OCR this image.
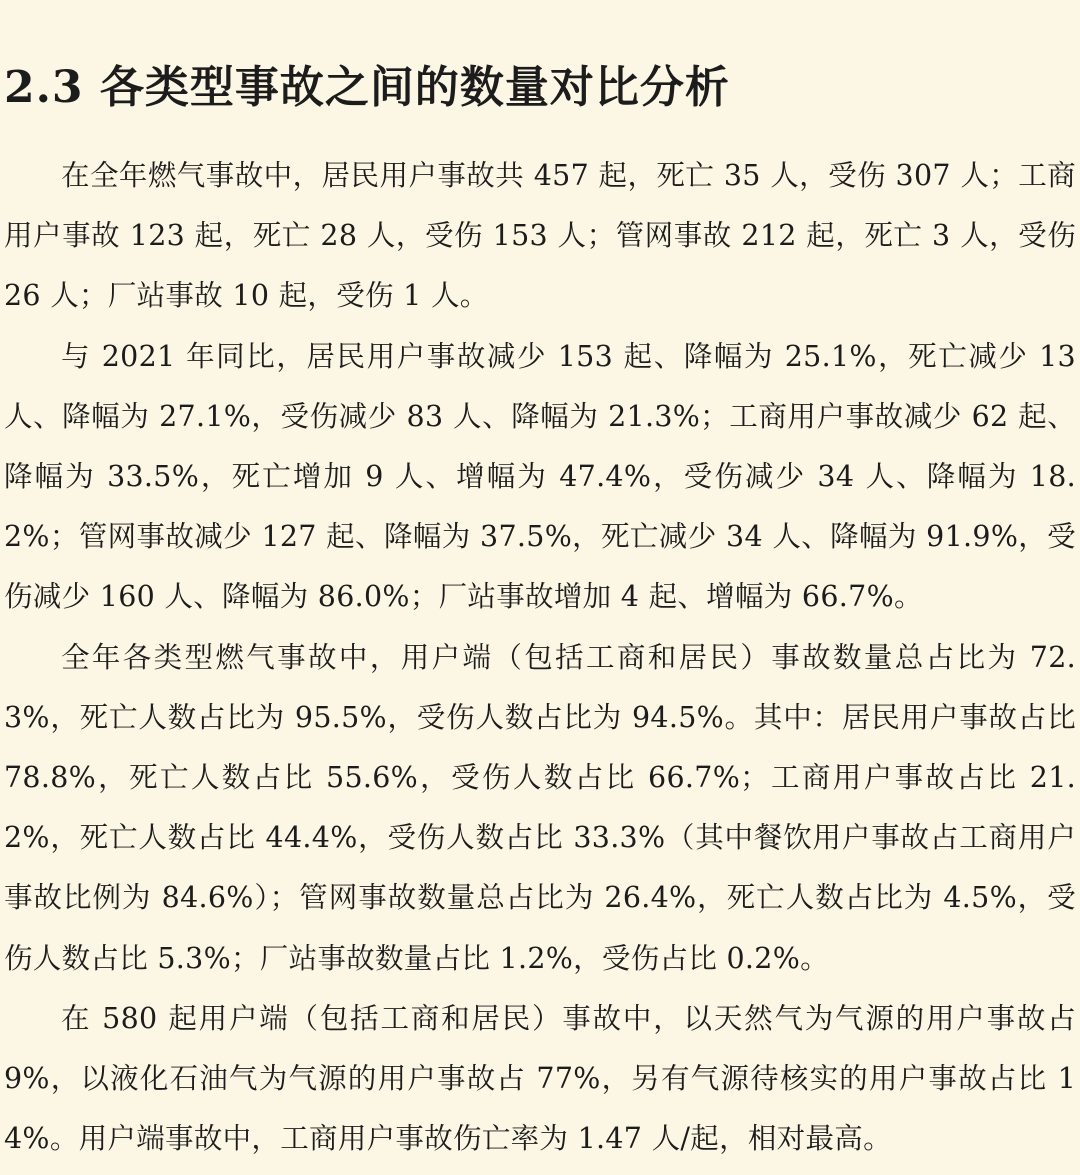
2.3 各类型事故之间的数量对比分析

在全年燃气事故中，居民用户事故共 457 起，死亡 35 人，受伤 307 人；工商用户事故 123 起，死亡 28 人，受伤 153 人；管网事故 212 起，死亡 3 人，受伤 26 人；厂站事故 10 起，受伤 1 人。

与 2021 年同比，居民用户事故减少 153 起、降幅为 25.1%，死亡减少 13 人、降幅为 27.1%，受伤减少 83 人、降幅为 21.3%；工商用户事故减少 62 起、降幅为 33.5%，死亡增加 9 人、增幅为 47.4%，受伤减少 34 人、降幅为 18.2%；管网事故减少 127 起、降幅为 37.5%，死亡减少 34 人、降幅为 91.9%，受伤减少 160 人、降幅为 86.0%；厂站事故增加 4 起、增幅为 66.7%。

全年各类型燃气事故中，用户端（包括工商和居民）事故数量总占比为 72.3%，死亡人数占比为 95.5%，受伤人数占比为 94.5%。其中：居民用户事故占比 78.8%，死亡人数占比 55.6%，受伤人数占比 66.7%；工商用户事故占比 21.2%，死亡人数占比 44.4%，受伤人数占比 33.3%（其中餐饮用户事故占工商用户事故比例为 84.6%）；管网事故数量总占比为 26.4%，死亡人数占比为 4.5%，受伤人数占比 5.3%；厂站事故数量占比 1.2%，受伤占比 0.2%。

在 580 起用户端（包括工商和居民）事故中，以天然气为气源的用户事故占 9%，以液化石油气为气源的用户事故占 77%，另有气源待核实的用户事故占比 14%。用户端事故中，工商用户事故伤亡率为 1.47 人/起，相对最高。
